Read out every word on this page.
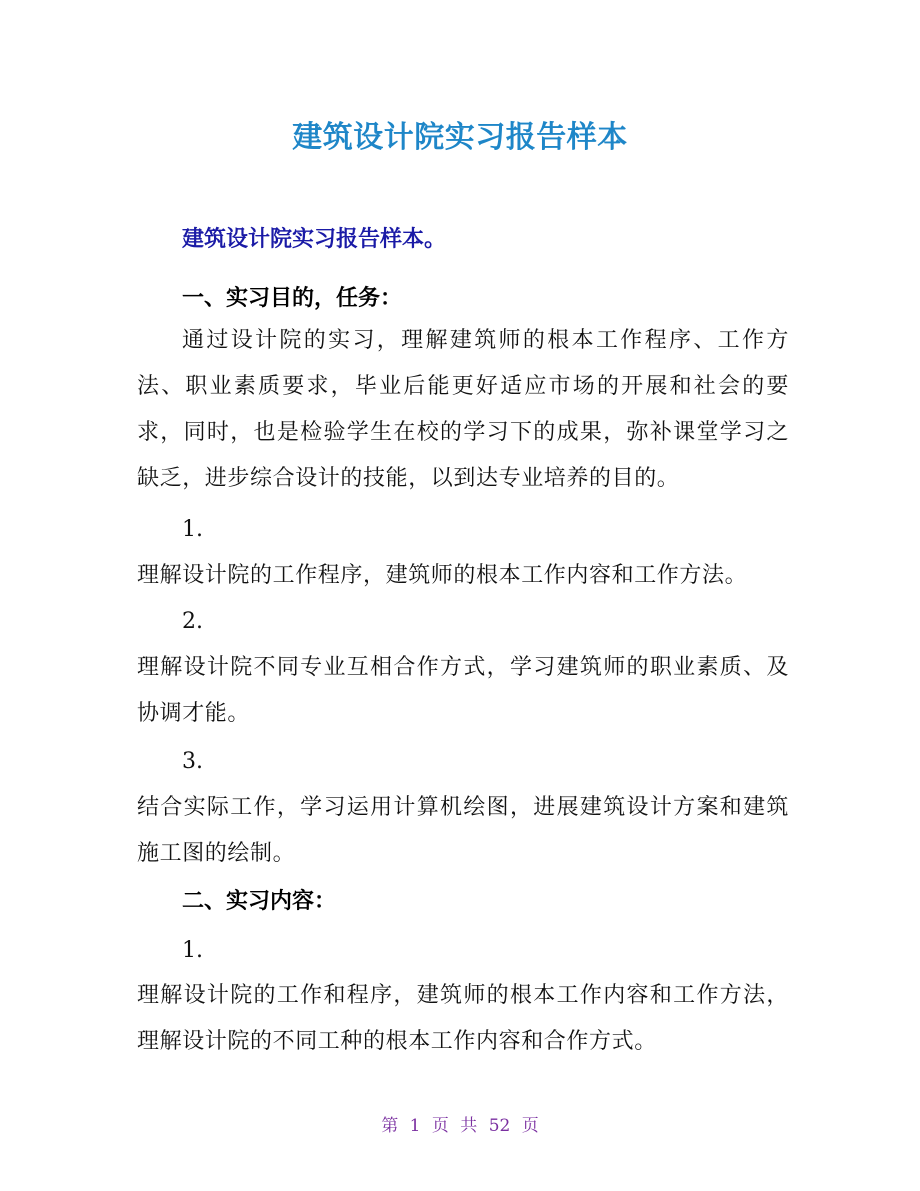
建筑设计院实习报告样本
建筑设计院实习报告样本。
一、实习目的，任务：
通过设计院的实习，理解建筑师的根本工作程序、工作方法、职业素质要求，毕业后能更好适应市场的开展和社会的要求，同时，也是检验学生在校的学习下的成果，弥补课堂学习之缺乏，进步综合设计的技能，以到达专业培养的目的。
1.
理解设计院的工作程序，建筑师的根本工作内容和工作方法。
2.
理解设计院不同专业互相合作方式，学习建筑师的职业素质、及协调才能。
3.
结合实际工作，学习运用计算机绘图，进展建筑设计方案和建筑施工图的绘制。
二、实习内容：
1.
理解设计院的工作和程序，建筑师的根本工作内容和工作方法，理解设计院的不同工种的根本工作内容和合作方式。
第 1 页 共 52 页
